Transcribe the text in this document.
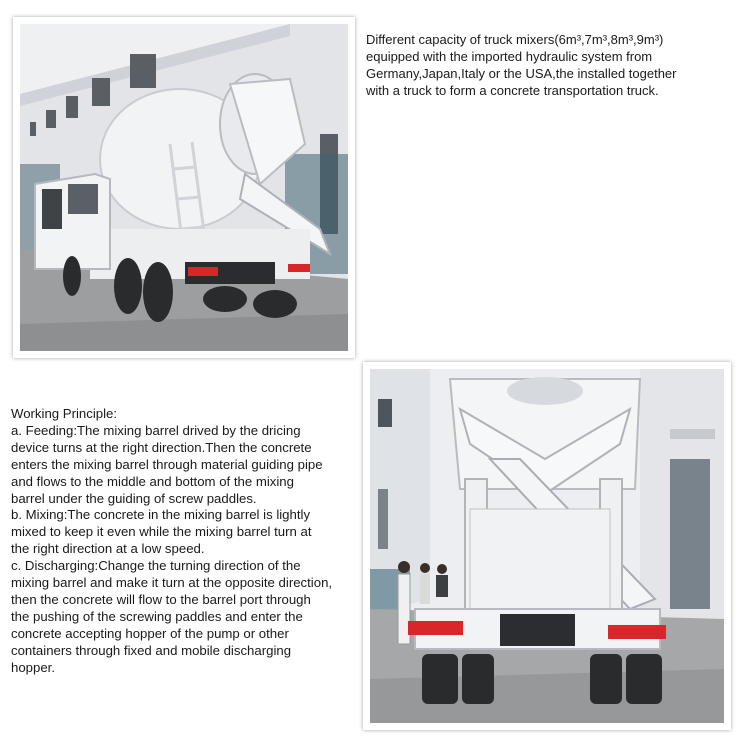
Different capacity of truck mixers(6m³,7m³,8m³,9m³)
equipped with the imported hydraulic system from
Germany,Japan,Italy or the USA,the installed together
with a truck to form a concrete transportation truck.
Working Principle:
a. Feeding:The mixing barrel drived by the dricing
device turns at the right direction.Then the concrete
enters the mixing barrel through material guiding pipe
and flows to the middle and bottom of the mixing
barrel under the guiding of screw paddles.
b. Mixing:The concrete in the mixing barrel is lightly
mixed to keep it even while the mixing barrel turn at
the right direction at a low speed.
c. Discharging:Change the turning direction of the
mixing barrel and make it turn at the opposite direction,
then the concrete will flow to the barrel port through
the pushing of the screwing paddles and enter the
concrete accepting hopper of the pump or other
containers through fixed and mobile discharging
hopper.
